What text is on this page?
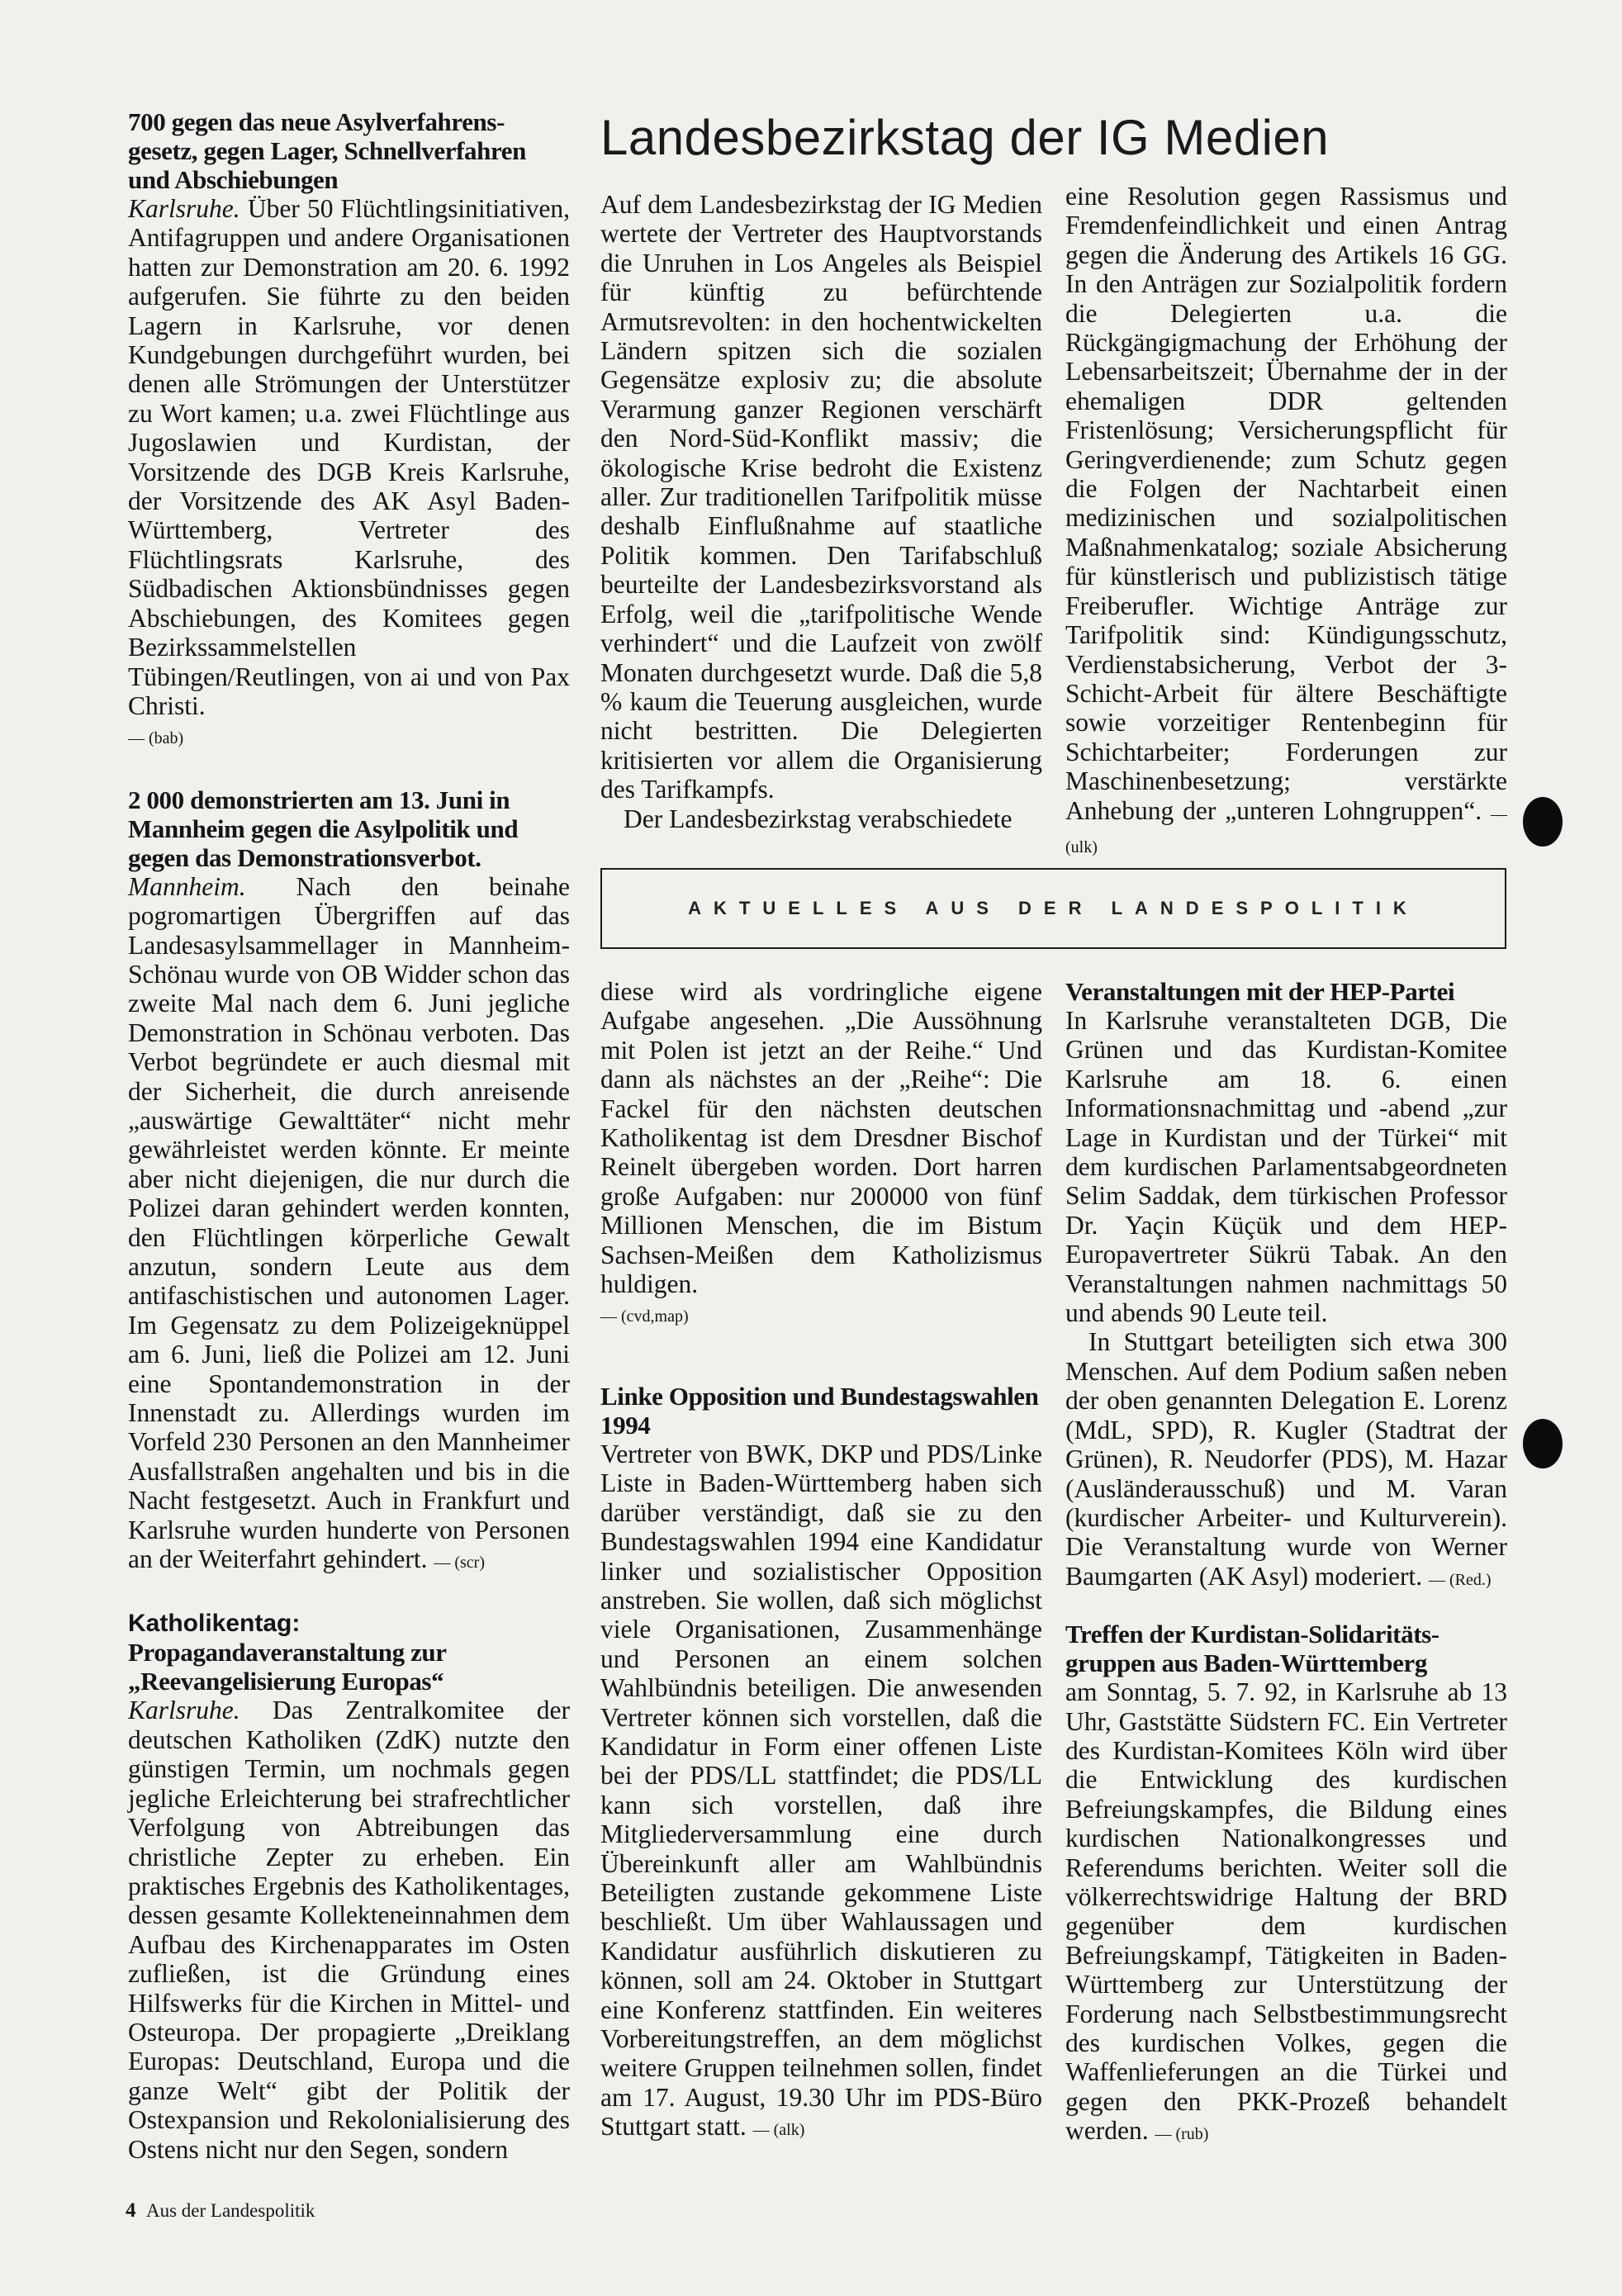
Landesbezirkstag der IG Medien
700 gegen das neue Asylverfahrens-gesetz, gegen Lager, Schnellverfahren und Abschiebungen

Karlsruhe. Über 50 Flüchtlingsinitiativen, Antifagruppen und andere Organisationen hatten zur Demonstration am 20. 6. 1992 aufgerufen. Sie führte zu den beiden Lagern in Karlsruhe, vor denen Kundgebungen durchgeführt wurden, bei denen alle Strömungen der Unterstützer zu Wort kamen; u.a. zwei Flüchtlinge aus Jugoslawien und Kurdistan, der Vorsitzende des DGB Kreis Karlsruhe, der Vorsitzende des AK Asyl Baden-Württemberg, Vertreter des Flüchtlingsrats Karlsruhe, des Südbadischen Aktionsbündnisses gegen Abschiebungen, des Komitees gegen Bezirkssammelstellen Tübingen/Reutlingen, von ai und von Pax Christi.

— (bab)

2 000 demonstrierten am 13. Juni in Mannheim gegen die Asylpolitik und gegen das Demonstrationsverbot.

Mannheim. Nach den beinahe pogromartigen Übergriffen auf das Landesasylsammellager in Mannheim-Schönau wurde von OB Widder schon das zweite Mal nach dem 6. Juni jegliche Demonstration in Schönau verboten. Das Verbot begründete er auch diesmal mit der Sicherheit, die durch anreisende „auswärtige Gewalttäter“ nicht mehr gewährleistet werden könnte. Er meinte aber nicht diejenigen, die nur durch die Polizei daran gehindert werden konnten, den Flüchtlingen körperliche Gewalt anzutun, sondern Leute aus dem antifaschistischen und autonomen Lager. Im Gegensatz zu dem Polizeigeknüppel am 6. Juni, ließ die Polizei am 12. Juni eine Spontandemonstration in der Innenstadt zu. Allerdings wurden im Vorfeld 230 Personen an den Mannheimer Ausfallstraßen angehalten und bis in die Nacht festgesetzt. Auch in Frankfurt und Karlsruhe wurden hunderte von Personen an der Weiterfahrt gehindert. — (scr)

Katholikentag:
Propagandaveranstaltung zur „Reevangelisierung Europas“

Karlsruhe. Das Zentralkomitee der deutschen Katholiken (ZdK) nutzte den günstigen Termin, um nochmals gegen jegliche Erleichterung bei strafrechtlicher Verfolgung von Abtreibungen das christliche Zepter zu erheben. Ein praktisches Ergebnis des Katholikentages, dessen gesamte Kollekteneinnahmen dem Aufbau des Kirchenapparates im Osten zufließen, ist die Gründung eines Hilfswerks für die Kirchen in Mittel- und Osteuropa. Der propagierte „Dreiklang Europas: Deutschland, Europa und die ganze Welt“ gibt der Politik der Ostexpansion und Rekolonialisierung des Ostens nicht nur den Segen, sondern

Auf dem Landesbezirkstag der IG Medien wertete der Vertreter des Hauptvorstands die Unruhen in Los Angeles als Beispiel für künftig zu befürchtende Armutsrevolten: in den hochentwickelten Ländern spitzen sich die sozialen Gegensätze explosiv zu; die absolute Verarmung ganzer Regionen verschärft den Nord-Süd-Konflikt massiv; die ökologische Krise bedroht die Existenz aller. Zur traditionellen Tarifpolitik müsse deshalb Einflußnahme auf staatliche Politik kommen. Den Tarifabschluß beurteilte der Landesbezirksvorstand als Erfolg, weil die „tarifpolitische Wende verhindert“ und die Laufzeit von zwölf Monaten durchgesetzt wurde. Daß die 5,8 % kaum die Teuerung ausgleichen, wurde nicht bestritten. Die Delegierten kritisierten vor allem die Organisierung des Tarifkampfs.

Der Landesbezirkstag verabschiedete

eine Resolution gegen Rassismus und Fremdenfeindlichkeit und einen Antrag gegen die Änderung des Artikels 16 GG. In den Anträgen zur Sozialpolitik fordern die Delegierten u.a. die Rückgängigmachung der Erhöhung der Lebensarbeitszeit; Übernahme der in der ehemaligen DDR geltenden Fristenlösung; Versicherungspflicht für Geringverdienende; zum Schutz gegen die Folgen der Nachtarbeit einen medizinischen und sozialpolitischen Maßnahmenkatalog; soziale Absicherung für künstlerisch und publizistisch tätige Freiberufler. Wichtige Anträge zur Tarifpolitik sind: Kündigungsschutz, Verdienstabsicherung, Verbot der 3-Schicht-Arbeit für ältere Beschäftigte sowie vorzeitiger Rentenbeginn für Schichtarbeiter; Forderungen zur Maschinenbesetzung; verstärkte Anhebung der „unteren Lohngruppen“. — (ulk)

AKTUELLES AUS DER LANDESPOLITIK

diese wird als vordringliche eigene Aufgabe angesehen. „Die Aussöhnung mit Polen ist jetzt an der Reihe.“ Und dann als nächstes an der „Reihe“: Die Fackel für den nächsten deutschen Katholikentag ist dem Dresdner Bischof Reinelt übergeben worden. Dort harren große Aufgaben: nur 200000 von fünf Millionen Menschen, die im Bistum Sachsen-Meißen dem Katholizismus huldigen.

— (cvd,map)

Linke Opposition und Bundestagswahlen 1994

Vertreter von BWK, DKP und PDS/Linke Liste in Baden-Württemberg haben sich darüber verständigt, daß sie zu den Bundestagswahlen 1994 eine Kandidatur linker und sozialistischer Opposition anstreben. Sie wollen, daß sich möglichst viele Organisationen, Zusammenhänge und Personen an einem solchen Wahlbündnis beteiligen. Die anwesenden Vertreter können sich vorstellen, daß die Kandidatur in Form einer offenen Liste bei der PDS/LL stattfindet; die PDS/LL kann sich vorstellen, daß ihre Mitgliederversammlung eine durch Übereinkunft aller am Wahlbündnis Beteiligten zustande gekommene Liste beschließt. Um über Wahlaussagen und Kandidatur ausführlich diskutieren zu können, soll am 24. Oktober in Stuttgart eine Konferenz stattfinden. Ein weiteres Vorbereitungstreffen, an dem möglichst weitere Gruppen teilnehmen sollen, findet am 17. August, 19.30 Uhr im PDS-Büro Stuttgart statt. — (alk)

Veranstaltungen mit der HEP-Partei

In Karlsruhe veranstalteten DGB, Die Grünen und das Kurdistan-Komitee Karlsruhe am 18. 6. einen Informationsnachmittag und -abend „zur Lage in Kurdistan und der Türkei“ mit dem kurdischen Parlamentsabgeordneten Selim Saddak, dem türkischen Professor Dr. Yaçin Küçük und dem HEP-Europavertreter Sükrü Tabak. An den Veranstaltungen nahmen nachmittags 50 und abends 90 Leute teil.

In Stuttgart beteiligten sich etwa 300 Menschen. Auf dem Podium saßen neben der oben genannten Delegation E. Lorenz (MdL, SPD), R. Kugler (Stadtrat der Grünen), R. Neudorfer (PDS), M. Hazar (Ausländerausschuß) und M. Varan (kurdischer Arbeiter- und Kulturverein). Die Veranstaltung wurde von Werner Baumgarten (AK Asyl) moderiert. — (Red.)

Treffen der Kurdistan-Solidaritäts-gruppen aus Baden-Württemberg

am Sonntag, 5. 7. 92, in Karlsruhe ab 13 Uhr, Gaststätte Südstern FC. Ein Vertreter des Kurdistan-Komitees Köln wird über die Entwicklung des kurdischen Befreiungskampfes, die Bildung eines kurdischen Nationalkongresses und Referendums berichten. Weiter soll die völkerrechtswidrige Haltung der BRD gegenüber dem kurdischen Befreiungskampf, Tätigkeiten in Baden-Württemberg zur Unterstützung der Forderung nach Selbstbestimmungsrecht des kurdischen Volkes, gegen die Waffenlieferungen an die Türkei und gegen den PKK-Prozeß behandelt werden. — (rub)

4 Aus der Landespolitik
